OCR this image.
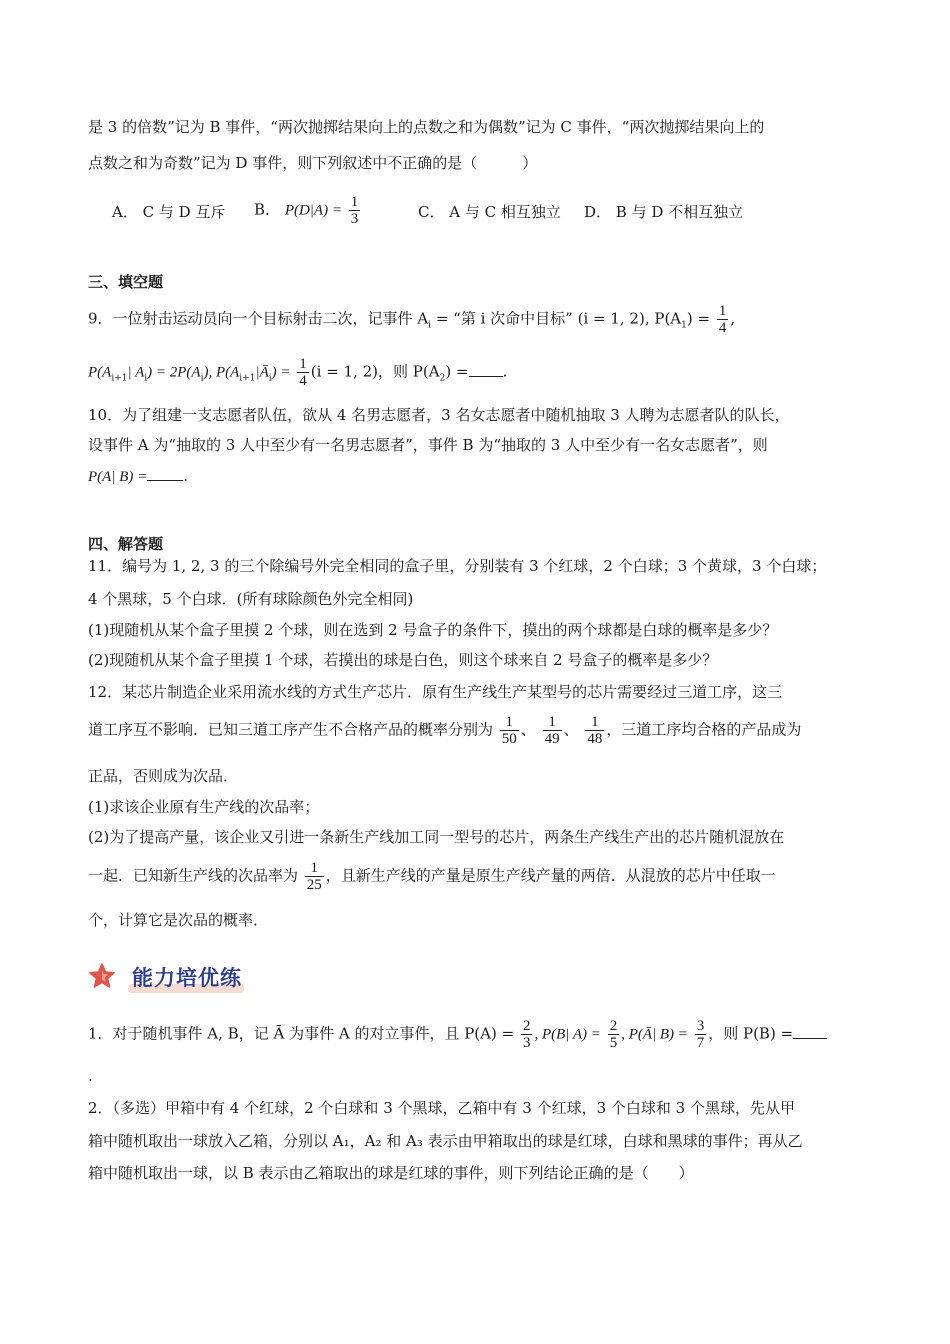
是 3 的倍数”记为 B 事件，“两次抛掷结果向上的点数之和为偶数”记为 C 事件，“两次抛掷结果向上的
点数之和为奇数”记为 D 事件，则下列叙述中不正确的是（　　　）
A． C 与 D 互斥 B． $P(D|A) = \frac{1}{3}$	C． A 与 C 相互独立 D． B 与 D 不相互独立
三、填空题
9．一位射击运动员向一个目标射击二次，记事件 $A_i$ = “第 i 次命中目标” (i = 1, 2), $P(A_1) = \frac{1}{4}$ ,
$P(A_{i+1}|$ $A_i) = 2P(A_i)$, $P(A_{i+1}|Ā_i) = \frac{1}{4} (i = 1$, 2)，则 $P(A_2)$ = .
10．为了组建一支志愿者队伍，欲从 4 名男志愿者，3 名女志愿者中随机抽取 3 人聘为志愿者队的队长，
设事件 A 为“抽取的 3 人中至少有一名男志愿者”，事件 B 为“抽取的 3 人中至少有一名女志愿者”，则
P(A| B) = .
四、解答题
11．编号为 1, 2, 3 的三个除编号外完全相同的盒子里，分别装有 3 个红球，2 个白球；3 个黄球，3 个白球；
4 个黑球，5 个白球．(所有球除颜色外完全相同)
(1)现随机从某个盒子里摸 2 个球，则在选到 2 号盒子的条件下，摸出的两个球都是白球的概率是多少？
(2)现随机从某个盒子里摸 1 个球，若摸出的球是白色，则这个球来自 2 号盒子的概率是多少？
12．某芯片制造企业采用流水线的方式生产芯片．原有生产线生产某型号的芯片需要经过三道工序，这三
道工序互不影响．已知三道工序产生不合格产品的概率分别为 $\frac{1}{50}$ 、 $\frac{1}{49}$ 、 $\frac{1}{48}$ ，三道工序均合格的产品成为
正品，否则成为次品．
(1)求该企业原有生产线的次品率；
(2)为了提高产量，该企业又引进一条新生产线加工同一型号的芯片，两条生产线生产出的芯片随机混放在
一起．已知新生产线的次品率为 $\frac{1}{25}$ ，且新生产线的产量是原生产线产量的两倍．从混放的芯片中任取一
个，计算它是次品的概率．
能力培优练
1．对于随机事件 A, B，记 Ā 为事件 A 的对立事件，且 $P(A) = \frac{2}{3}$ , P(B| $A) = \frac{2}{5}$ , P(Ā| $B) = \frac{3}{7}$ ，则 P(B) =
.
2．（多选）甲箱中有 4 个红球，2 个白球和 3 个黑球，乙箱中有 3 个红球，3 个白球和 3 个黑球，先从甲
箱中随机取出一球放入乙箱，分别以 A₁，A₂ 和 A₃ 表示由甲箱取出的球是红球，白球和黑球的事件；再从乙
箱中随机取出一球，以 B 表示由乙箱取出的球是红球的事件，则下列结论正确的是（　　）
